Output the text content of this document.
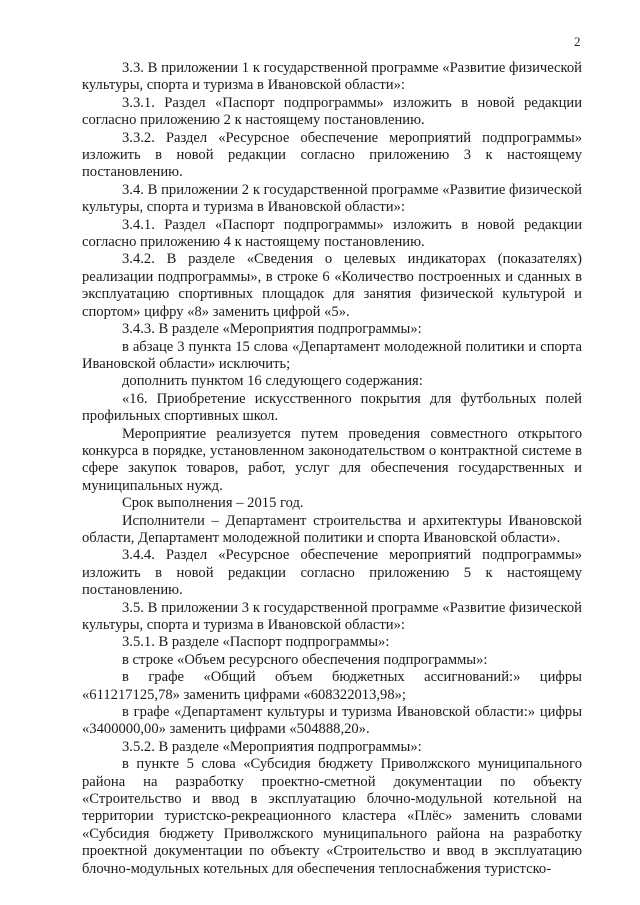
2

3.3. В приложении 1 к государственной программе «Развитие физической культуры, спорта и туризма в Ивановской области»:

3.3.1. Раздел «Паспорт подпрограммы» изложить в новой редакции согласно приложению 2 к настоящему постановлению.

3.3.2. Раздел «Ресурсное обеспечение мероприятий подпрограммы» изложить в новой редакции согласно приложению 3 к настоящему постановлению.

3.4. В приложении 2 к государственной программе «Развитие физической культуры, спорта и туризма в Ивановской области»:

3.4.1. Раздел «Паспорт подпрограммы» изложить в новой редакции согласно приложению 4 к настоящему постановлению.

3.4.2. В разделе «Сведения о целевых индикаторах (показателях) реализации подпрограммы», в строке 6 «Количество построенных и сданных в эксплуатацию спортивных площадок для занятия физической культурой и спортом» цифру «8» заменить цифрой «5».

3.4.3. В разделе «Мероприятия подпрограммы»:

в абзаце 3 пункта 15 слова «Департамент молодежной политики и спорта Ивановской области» исключить;

дополнить пунктом 16 следующего содержания:

«16. Приобретение искусственного покрытия для футбольных полей профильных спортивных школ.

Мероприятие реализуется путем проведения совместного открытого конкурса в порядке, установленном законодательством о контрактной системе в сфере закупок товаров, работ, услуг для обеспечения государственных и муниципальных нужд.

Срок выполнения – 2015 год.

Исполнители – Департамент строительства и архитектуры Ивановской области, Департамент молодежной политики и спорта Ивановской области».

3.4.4. Раздел «Ресурсное обеспечение мероприятий подпрограммы» изложить в новой редакции согласно приложению 5 к настоящему постановлению.

3.5. В приложении 3 к государственной программе «Развитие физической культуры, спорта и туризма в Ивановской области»:

3.5.1. В разделе «Паспорт подпрограммы»:

в строке «Объем ресурсного обеспечения подпрограммы»:

в графе «Общий объем бюджетных ассигнований:» цифры «611217125,78» заменить цифрами «608322013,98»;

в графе «Департамент культуры и туризма Ивановской области:» цифры «3400000,00» заменить цифрами «504888,20».

3.5.2. В разделе «Мероприятия подпрограммы»:

в пункте 5 слова «Субсидия бюджету Приволжского муниципального района на разработку проектно-сметной документации по объекту «Строительство и ввод в эксплуатацию блочно-модульной котельной на территории туристско-рекреационного кластера «Плёс» заменить словами «Субсидия бюджету Приволжского муниципального района на разработку проектной документации по объекту «Строительство и ввод в эксплуатацию блочно-модульных котельных для обеспечения теплоснабжения туристско-
